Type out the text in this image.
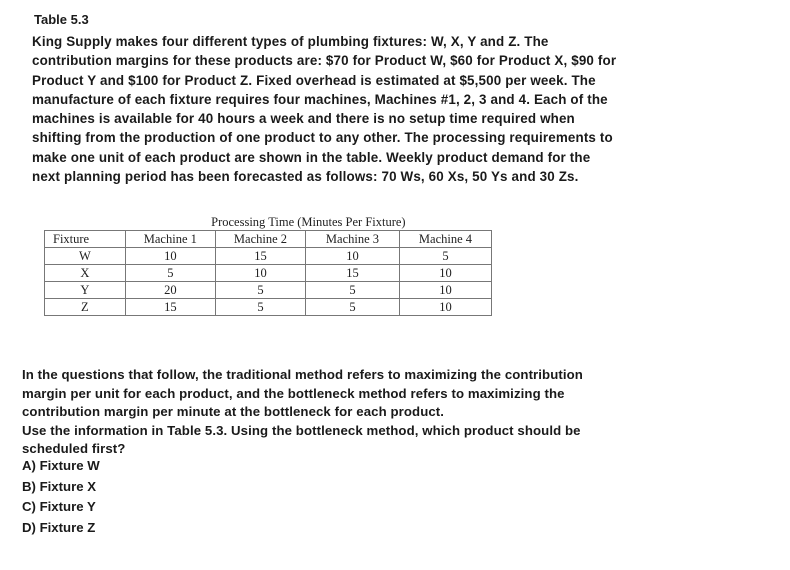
Table 5.3
King Supply makes four different types of plumbing fixtures: W, X, Y and Z. The
contribution margins for these products are: $70 for Product W, $60 for Product X, $90 for
Product Y and $100 for Product Z. Fixed overhead is estimated at $5,500 per week. The
manufacture of each fixture requires four machines, Machines #1, 2, 3 and 4. Each of the
machines is available for 40 hours a week and there is no setup time required when
shifting from the production of one product to any other. The processing requirements to
make one unit of each product are shown in the table. Weekly product demand for the
next planning period has been forecasted as follows: 70 Ws, 60 Xs, 50 Ys and 30 Zs.
	Processing Time (Minutes Per Fixture)			
Fixture	Machine 1	Machine 2	Machine 3	Machine 4
W	10	15	10	5
X	5	10	15	10
Y	20	5	5	10
Z	15	5	5	10
In the questions that follow, the traditional method refers to maximizing the contribution
margin per unit for each product, and the bottleneck method refers to maximizing the
contribution margin per minute at the bottleneck for each product.
Use the information in Table 5.3. Using the bottleneck method, which product should be
scheduled first?
A) Fixture W
B) Fixture X
C) Fixture Y
D) Fixture Z
